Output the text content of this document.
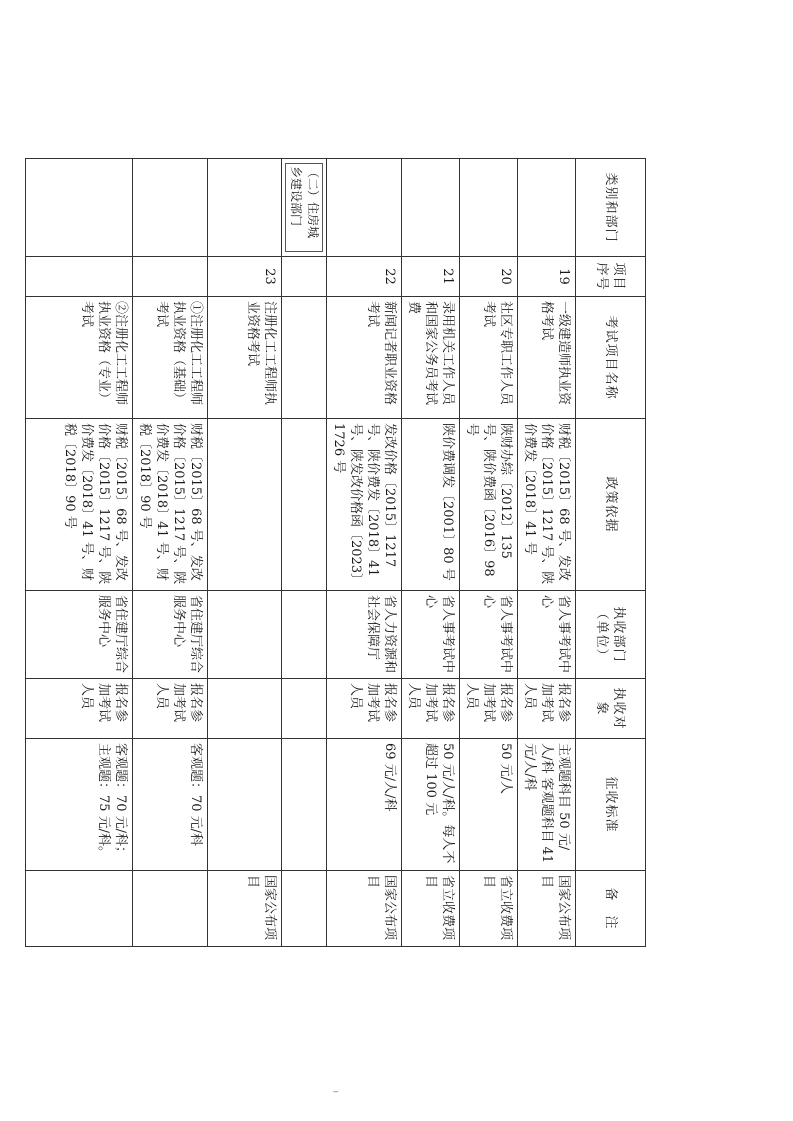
类别和部门	项目序号	考试项目名称	政策依据	执收部门（单位）	执收对象	征收标准	备　注
	19	一级建造师执业资格考试	财税〔2015〕68 号、发改价格〔2015〕1217 号、陕价费发〔2018〕41 号	省人事考试中心	报名参加考试人员	主观题科目 50 元/人/科 客观题科目 41 元/人/科	国家公布项目
	20	社区专职工作人员考试	陕财办综〔2012〕135 号、陕价费函〔2016〕98 号	省人事考试中心	报名参加考试人员	50 元/人	省立收费项目
	21	录用机关工作人员和国家公务员考试费	陕价费调发〔2001〕80 号	省人事考试中心	报名参加考试人员	50 元/人/科。每人不超过 100 元	省立收费项目
	22	新闻记者职业资格考试	发改价格〔2015〕1217 号、陕价费发〔2018〕41 号、陕发改价格函〔2023〕1726 号	省人力资源和社会保障厅	报名参加考试人员	69 元/人/科	国家公布项目
（二）住房城乡建设部门							
	23	注册化工工程师执业资格考试					国家公布项目
		①注册化工工程师执业资格（基础）考试	财税〔2015〕68 号、发改价格〔2015〕1217 号、陕价费发〔2018〕41 号、财税〔2018〕90 号	省住建厅综合服务中心	报名参加考试人员	客观题：70 元/科	
		②注册化工工程师执业资格（专业）考试	财税〔2015〕68 号、发改价格〔2015〕1217 号、陕价费发〔2018〕41 号、财税〔2018〕90 号	省住建厅综合服务中心	报名参加考试人员	客观题：70 元/科；主观题：75 元/科。	
–
